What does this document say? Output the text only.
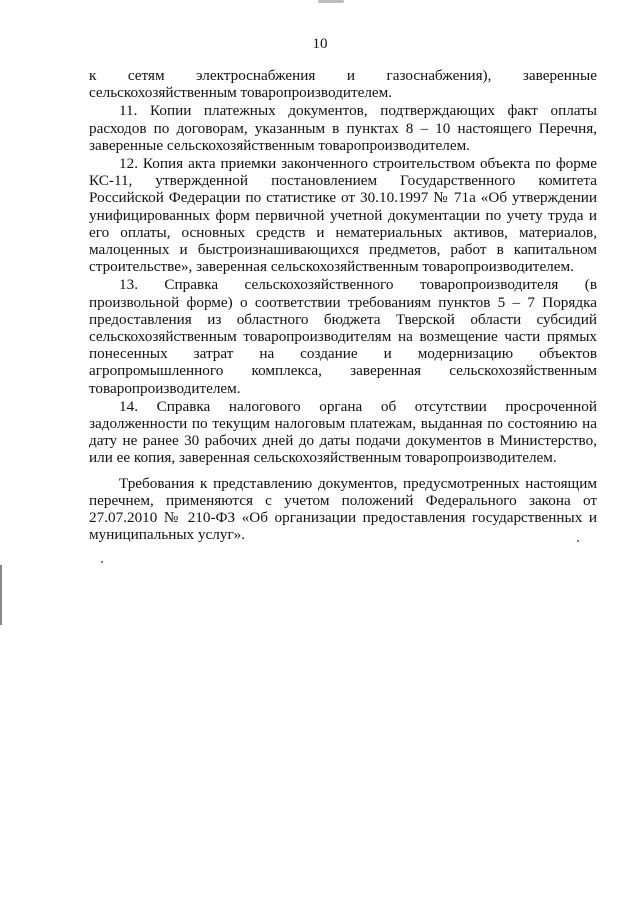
10

к сетям электроснабжения и газоснабжения), заверенные сельскохозяйственным товаропроизводителем.

11. Копии платежных документов, подтверждающих факт оплаты расходов по договорам, указанным в пунктах 8 – 10 настоящего Перечня, заверенные сельскохозяйственным товаропроизводителем.

12. Копия акта приемки законченного строительством объекта по форме КС-11, утвержденной постановлением Государственного комитета Российской Федерации по статистике от 30.10.1997 № 71а «Об утверждении унифицированных форм первичной учетной документации по учету труда и его оплаты, основных средств и нематериальных активов, материалов, малоценных и быстроизнашивающихся предметов, работ в капитальном строительстве», заверенная сельскохозяйственным товаропроизводителем.

13. Справка сельскохозяйственного товаропроизводителя (в произвольной форме) о соответствии требованиям пунктов 5 – 7 Порядка предоставления из областного бюджета Тверской области субсидий сельскохозяйственным товаропроизводителям на возмещение части прямых понесенных затрат на создание и модернизацию объектов агропромышленного комплекса, заверенная сельскохозяйственным товаропроизводителем.

14. Справка налогового органа об отсутствии просроченной задолженности по текущим налоговым платежам, выданная по состоянию на дату не ранее 30 рабочих дней до даты подачи документов в Министерство, или ее копия, заверенная сельскохозяйственным товаропроизводителем.

Требования к представлению документов, предусмотренных настоящим перечнем, применяются с учетом положений Федерального закона от 27.07.2010 № 210-ФЗ «Об организации предоставления государственных и муниципальных услуг».
